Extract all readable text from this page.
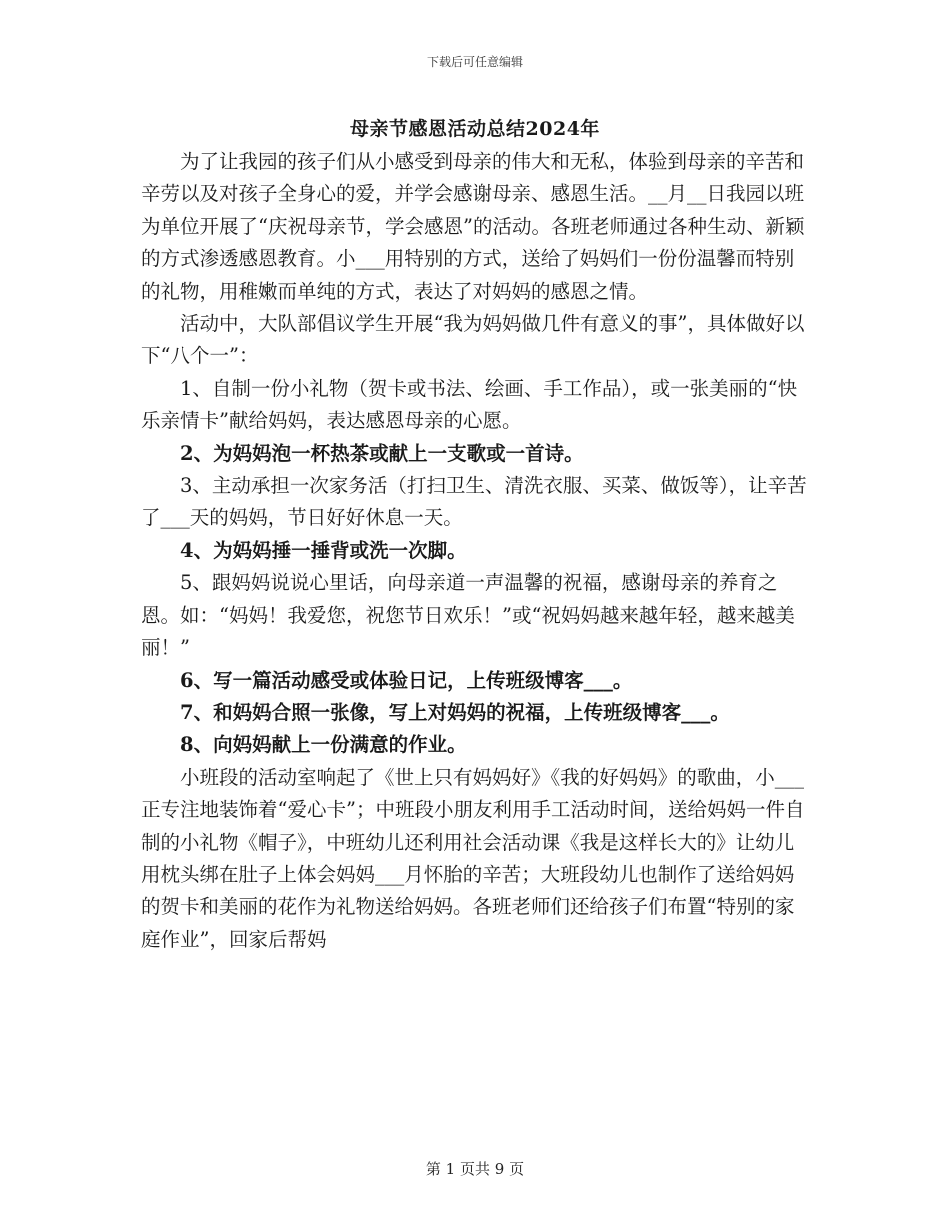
下载后可任意编辑
母亲节感恩活动总结2024年

为了让我园的孩子们从小感受到母亲的伟大和无私，体验到母亲的辛苦和辛劳以及对孩子全身心的爱，并学会感谢母亲、感恩生活。__月__日我园以班为单位开展了“庆祝母亲节，学会感恩”的活动。各班老师通过各种生动、新颖的方式渗透感恩教育。小___用特别的方式，送给了妈妈们一份份温馨而特别的礼物，用稚嫩而单纯的方式，表达了对妈妈的感恩之情。

活动中，大队部倡议学生开展“我为妈妈做几件有意义的事”，具体做好以下“八个一”：

1、自制一份小礼物（贺卡或书法、绘画、手工作品），或一张美丽的“快乐亲情卡”献给妈妈，表达感恩母亲的心愿。

2、为妈妈泡一杯热茶或献上一支歌或一首诗。

3、主动承担一次家务活（打扫卫生、清洗衣服、买菜、做饭等），让辛苦了___天的妈妈，节日好好休息一天。

4、为妈妈捶一捶背或洗一次脚。

5、跟妈妈说说心里话，向母亲道一声温馨的祝福，感谢母亲的养育之恩。如：“妈妈！我爱您，祝您节日欢乐！”或“祝妈妈越来越年轻，越来越美丽！”

6、写一篇活动感受或体验日记，上传班级博客___。

7、和妈妈合照一张像，写上对妈妈的祝福，上传班级博客___。

8、向妈妈献上一份满意的作业。

小班段的活动室响起了《世上只有妈妈好》《我的好妈妈》的歌曲，小___正专注地装饰着“爱心卡”；中班段小朋友利用手工活动时间，送给妈妈一件自制的小礼物《帽子》，中班幼儿还利用社会活动课《我是这样长大的》让幼儿用枕头绑在肚子上体会妈妈___月怀胎的辛苦；大班段幼儿也制作了送给妈妈的贺卡和美丽的花作为礼物送给妈妈。各班老师们还给孩子们布置“特别的家庭作业”，回家后帮妈

第 1 页共 9 页
